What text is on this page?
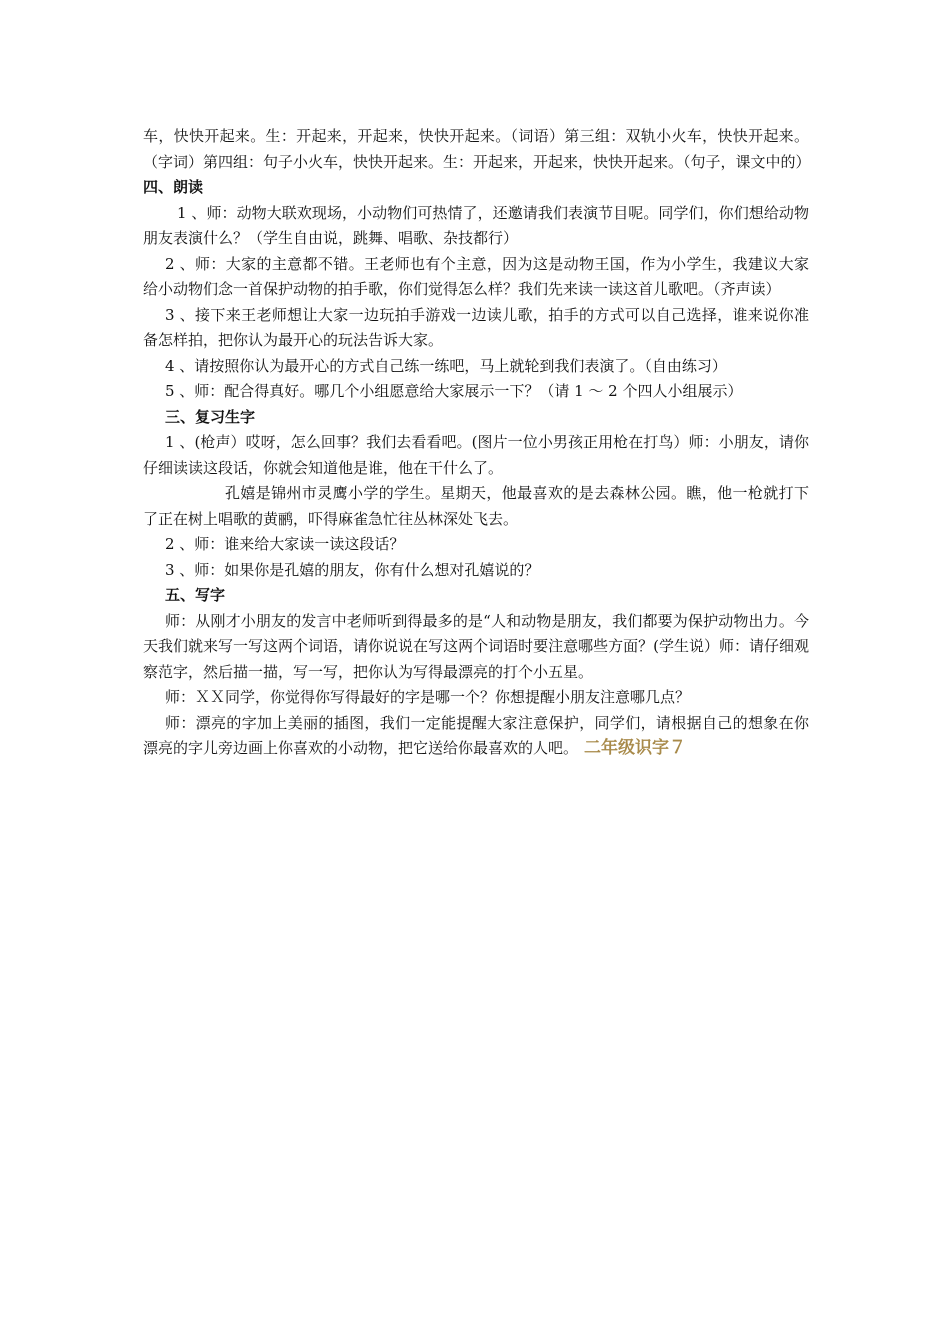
车，快快开起来。生：开起来，开起来，快快开起来。（词语）第三组：双轨小火车，快快开起来。（字词）第四组：句子小火车，快快开起来。生：开起来，开起来，快快开起来。（句子，课文中的）

四、朗读

1 、师：动物大联欢现场，小动物们可热情了，还邀请我们表演节目呢。同学们，你们想给动物朋友表演什么？（学生自由说，跳舞、唱歌、杂技都行）

2 、师：大家的主意都不错。王老师也有个主意，因为这是动物王国，作为小学生，我建议大家给小动物们念一首保护动物的拍手歌，你们觉得怎么样？我们先来读一读这首儿歌吧。（齐声读）

3 、接下来王老师想让大家一边玩拍手游戏一边读儿歌，拍手的方式可以自己选择，谁来说你准备怎样拍，把你认为最开心的玩法告诉大家。

4 、请按照你认为最开心的方式自己练一练吧，马上就轮到我们表演了。（自由练习）

5 、师：配合得真好。哪几个小组愿意给大家展示一下？（请 1 ～ 2 个四人小组展示）

三、复习生字

1 、(枪声）哎呀，怎么回事？我们去看看吧。(图片一位小男孩正用枪在打鸟）师：小朋友，请你仔细读读这段话，你就会知道他是谁，他在干什么了。

孔嬉是锦州市灵鹰小学的学生。星期天，他最喜欢的是去森林公园。瞧，他一枪就打下了正在树上唱歌的黄鹂，吓得麻雀急忙往丛林深处飞去。

2 、师：谁来给大家读一读这段话？

3 、师：如果你是孔嬉的朋友，你有什么想对孔嬉说的？

五、写字

师：从刚才小朋友的发言中老师听到得最多的是“人和动物是朋友，我们都要为保护动物出力。今天我们就来写一写这两个词语，请你说说在写这两个词语时要注意哪些方面？(学生说）师：请仔细观察范字，然后描一描，写一写，把你认为写得最漂亮的打个小五星。

师：ＸＸ同学，你觉得你写得最好的字是哪一个？你想提醒小朋友注意哪几点？

师：漂亮的字加上美丽的插图，我们一定能提醒大家注意保护，同学们，请根据自己的想象在你漂亮的字儿旁边画上你喜欢的小动物，把它送给你最喜欢的人吧。 二年级识字７
